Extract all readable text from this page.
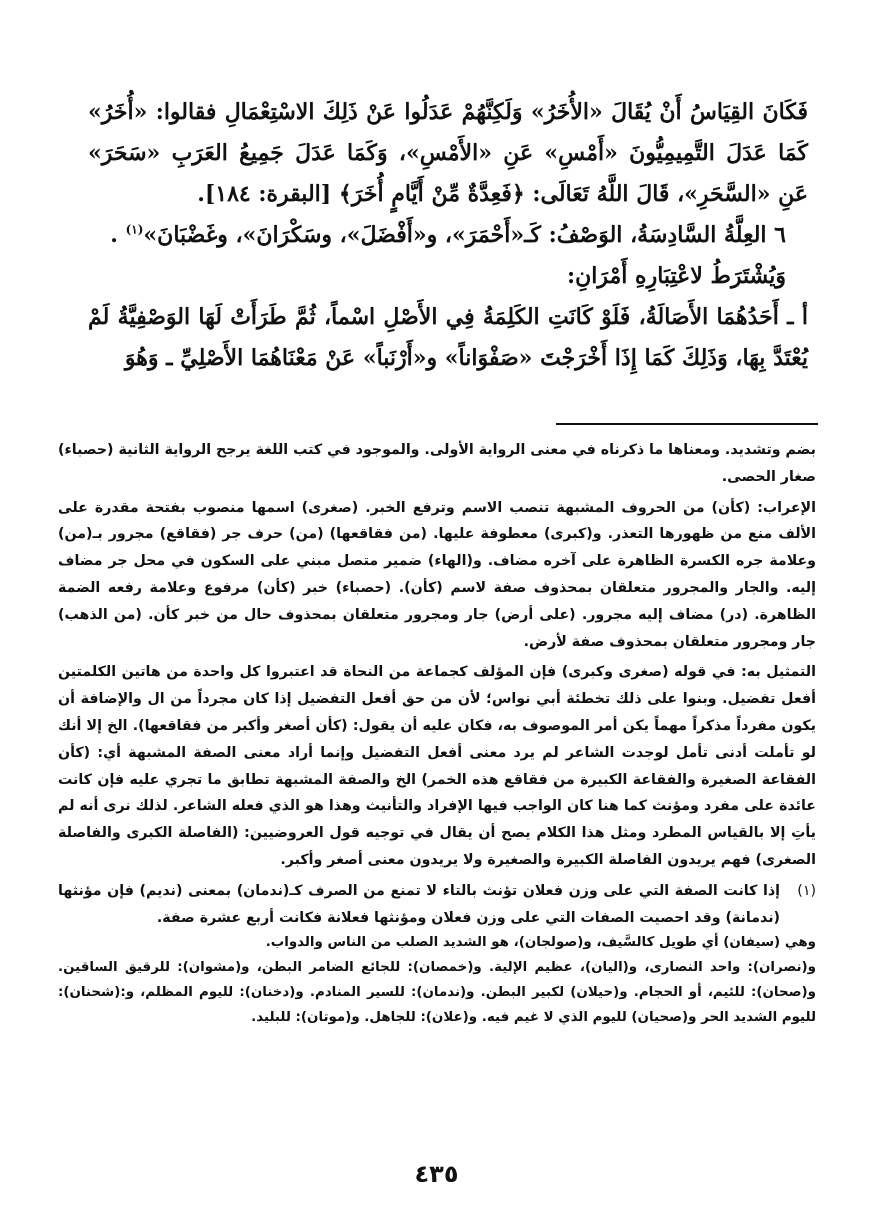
فَكَانَ القِيَاسُ أَنْ يُقَالَ «الأُخَرُ» وَلَكِنَّهُمْ عَدَلُوا عَنْ ذَلِكَ الاسْتِعْمَالِ فقالوا: «أُخَرُ» كَمَا عَدَلَ التَّمِيمِيُّونَ «أَمْسِ» عَنِ «الأَمْسِ»، وَكَمَا عَدَلَ جَمِيعُ العَرَبِ «سَحَرَ» عَنِ «السَّحَرِ»، قَالَ اللَّهُ تَعَالَى: ﴿فَعِدَّةٌ مِّنْ أَيَّامٍ أُخَرَ﴾ [البقرة: ١٨٤].

٦ العِلَّةُ السَّادِسَةُ، الوَصْفُ: كَـ«أَحْمَرَ»، و«أَفْضَلَ»، وسَكْرَانَ»، وغَضْبَانَ»$^{(١)}$ .

وَيُشْتَرَطُ لاعْتِبَارِهِ أَمْرَانِ:

أ ـ أَحَدُهُمَا الأَصَالَةُ، فَلَوْ كَانَتِ الكَلِمَةُ فِي الأَصْلِ اسْماً، ثُمَّ طَرَأَتْ لَهَا الوَصْفِيَّةُ لَمْ يُعْتَدَّ بِهَا، وَذَلِكَ كَمَا إِذَا أَخْرَجْتَ «صَفْوَاناً» و«أَرْنَباً» عَنْ مَعْنَاهُمَا الأَصْلِيِّ ـ وَهُوَ

بضم وتشديد. ومعناها ما ذكرناه في معنى الرواية الأولى. والموجود في كتب اللغة يرجح الرواية الثانية (حصباء) صغار الحصى.

الإعراب: (كأن) من الحروف المشبهة تنصب الاسم وترفع الخبر. (صغرى) اسمها منصوب بفتحة مقدرة على الألف منع من ظهورها التعذر. و(كبرى) معطوفة عليها. (من فقاقعها) (من) حرف جر (فقاقع) مجرور بـ(من) وعلامة جره الكسرة الظاهرة على آخره مضاف. و(الهاء) ضمير متصل مبني على السكون في محل جر مضاف إليه. والجار والمجرور متعلقان بمحذوف صفة لاسم (كأن). (حصباء) خبر (كأن) مرفوع وعلامة رفعه الضمة الظاهرة. (در) مضاف إليه مجرور. (على أرض) جار ومجرور متعلقان بمحذوف حال من خبر كأن. (من الذهب) جار ومجرور متعلقان بمحذوف صفة لأرض.

التمثيل به: في قوله (صغرى وكبرى) فإن المؤلف كجماعة من النحاة قد اعتبروا كل واحدة من هاتين الكلمتين أفعل تفضيل. وبنوا على ذلك تخطئة أبي نواس؛ لأن من حق أفعل التفضيل إذا كان مجرداً من ال والإضافة أن يكون مفرداً مذكراً مهماً يكن أمر الموصوف به، فكان عليه أن يقول: (كأن أصغر وأكبر من فقاقعها). الخ إلا أنك لو تأملت أدنى تأمل لوجدت الشاعر لم يرد معنى أفعل التفضيل وإنما أراد معنى الصفة المشبهة أي: (كأن الفقاعة الصغيرة والفقاعة الكبيرة من فقاقع هذه الخمر) الخ والصفة المشبهة تطابق ما تجري عليه فإن كانت عائدة على مفرد ومؤنث كما هنا كان الواجب فيها الإفراد والتأنيث وهذا هو الذي فعله الشاعر. لذلك نرى أنه لم يأتِ إلا بالقياس المطرد ومثل هذا الكلام يصح أن يقال في توجيه قول العروضيين: (الفاصلة الكبرى والفاصلة الصغرى) فهم يريدون الفاصلة الكبيرة والصغيرة ولا يريدون معنى أصغر وأكبر.

(١)

إذا كانت الصفة التي على وزن فعلان تؤنث بالتاء لا تمنع من الصرف كـ(ندمان) بمعنى (نديم) فإن مؤنثها (ندمانة) وقد احصيت الصفات التي على وزن فعلان ومؤنثها فعلانة فكانت أربع عشرة صفة.

وهي (سيفان) أي طويل كالسَّيف، و(صولجان)، هو الشديد الصلب من الناس والدواب.

و(نصران): واحد النصارى، و(اليان)، عظيم الإلية. و(خمصان): للجائع الضامر البطن، و(مشوان): للرقيق الساقين. و(صحان): للئيم، أو الحجام. و(حيلان) لكبير البطن. و(ندمان): للسير المنادم. و(دخنان): لليوم المظلم، و:(شحنان): لليوم الشديد الحر و(صحيان) لليوم الذي لا غيم فيه. و(علان): للجاهل. و(موتان): للبليد.

٤٣٥
